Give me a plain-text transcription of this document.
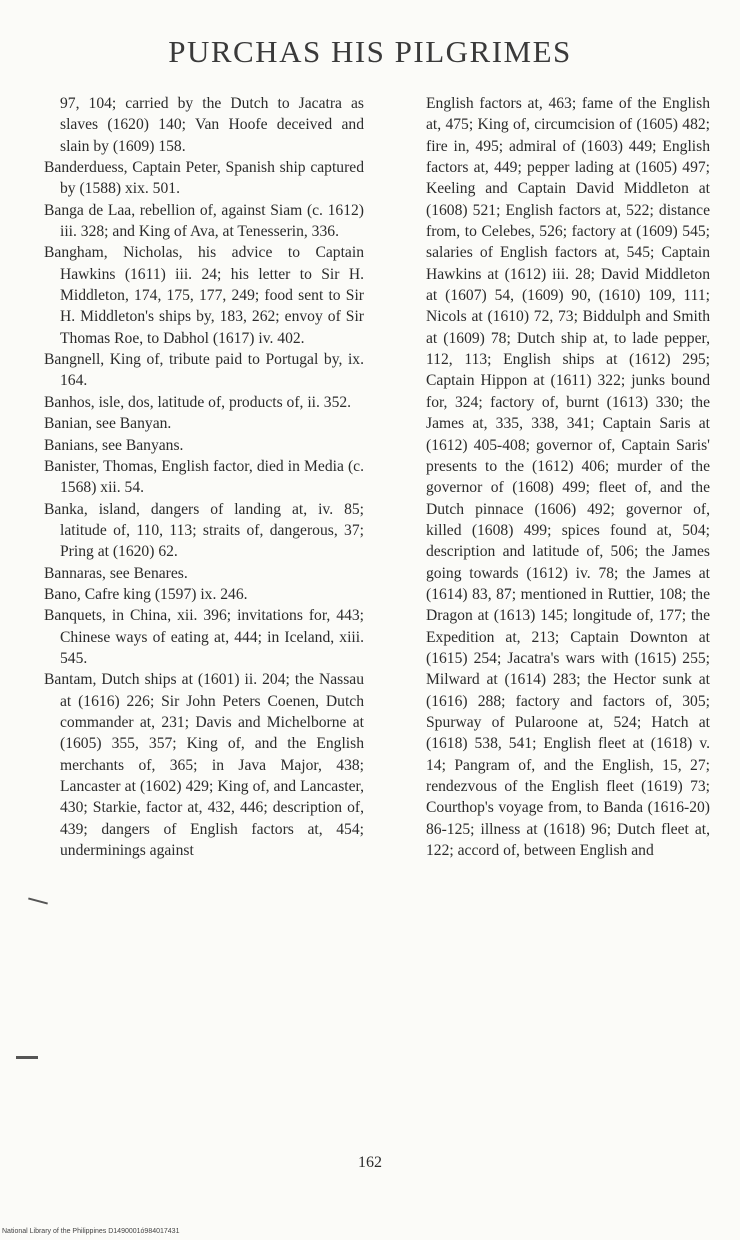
PURCHAS HIS PILGRIMES

97, 104; carried by the Dutch to Jacatra as slaves (1620) 140; Van Hoofe deceived and slain by (1609) 158.

Banderduess, Captain Peter, Spanish ship captured by (1588) xix. 501.

Banga de Laa, rebellion of, against Siam (c. 1612) iii. 328; and King of Ava, at Tenesserin, 336.

Bangham, Nicholas, his advice to Captain Hawkins (1611) iii. 24; his letter to Sir H. Middleton, 174, 175, 177, 249; food sent to Sir H. Middleton's ships by, 183, 262; envoy of Sir Thomas Roe, to Dabhol (1617) iv. 402.

Bangnell, King of, tribute paid to Portugal by, ix. 164.

Banhos, isle, dos, latitude of, products of, ii. 352.

Banian, see Banyan.

Banians, see Banyans.

Banister, Thomas, English factor, died in Media (c. 1568) xii. 54.

Banka, island, dangers of landing at, iv. 85; latitude of, 110, 113; straits of, dangerous, 37; Pring at (1620) 62.

Bannaras, see Benares.

Bano, Cafre king (1597) ix. 246.

Banquets, in China, xii. 396; invitations for, 443; Chinese ways of eating at, 444; in Iceland, xiii. 545.

Bantam, Dutch ships at (1601) ii. 204; the Nassau at (1616) 226; Sir John Peters Coenen, Dutch commander at, 231; Davis and Michelborne at (1605) 355, 357; King of, and the English merchants of, 365; in Java Major, 438; Lancaster at (1602) 429; King of, and Lancaster, 430; Starkie, factor at, 432, 446; description of, 439; dangers of English factors at, 454; underminings against

English factors at, 463; fame of the English at, 475; King of, circumcision of (1605) 482; fire in, 495; admiral of (1603) 449; English factors at, 449; pepper lading at (1605) 497; Keeling and Captain David Middleton at (1608) 521; English factors at, 522; distance from, to Celebes, 526; factory at (1609) 545; salaries of English factors at, 545; Captain Hawkins at (1612) iii. 28; David Middleton at (1607) 54, (1609) 90, (1610) 109, 111; Nicols at (1610) 72, 73; Biddulph and Smith at (1609) 78; Dutch ship at, to lade pepper, 112, 113; English ships at (1612) 295; Captain Hippon at (1611) 322; junks bound for, 324; factory of, burnt (1613) 330; the James at, 335, 338, 341; Captain Saris at (1612) 405-408; governor of, Captain Saris' presents to the (1612) 406; murder of the governor of (1608) 499; fleet of, and the Dutch pinnace (1606) 492; governor of, killed (1608) 499; spices found at, 504; description and latitude of, 506; the James going towards (1612) iv. 78; the James at (1614) 83, 87; mentioned in Ruttier, 108; the Dragon at (1613) 145; longitude of, 177; the Expedition at, 213; Captain Downton at (1615) 254; Jacatra's wars with (1615) 255; Milward at (1614) 283; the Hector sunk at (1616) 288; factory and factors of, 305; Spurway of Pularoone at, 524; Hatch at (1618) 538, 541; English fleet at (1618) v. 14; Pangram of, and the English, 15, 27; rendezvous of the English fleet (1619) 73; Courthop's voyage from, to Banda (1616-20) 86-125; illness at (1618) 96; Dutch fleet at, 122; accord of, between English and

162
National Library of the Philippines D1490001ó984017431
